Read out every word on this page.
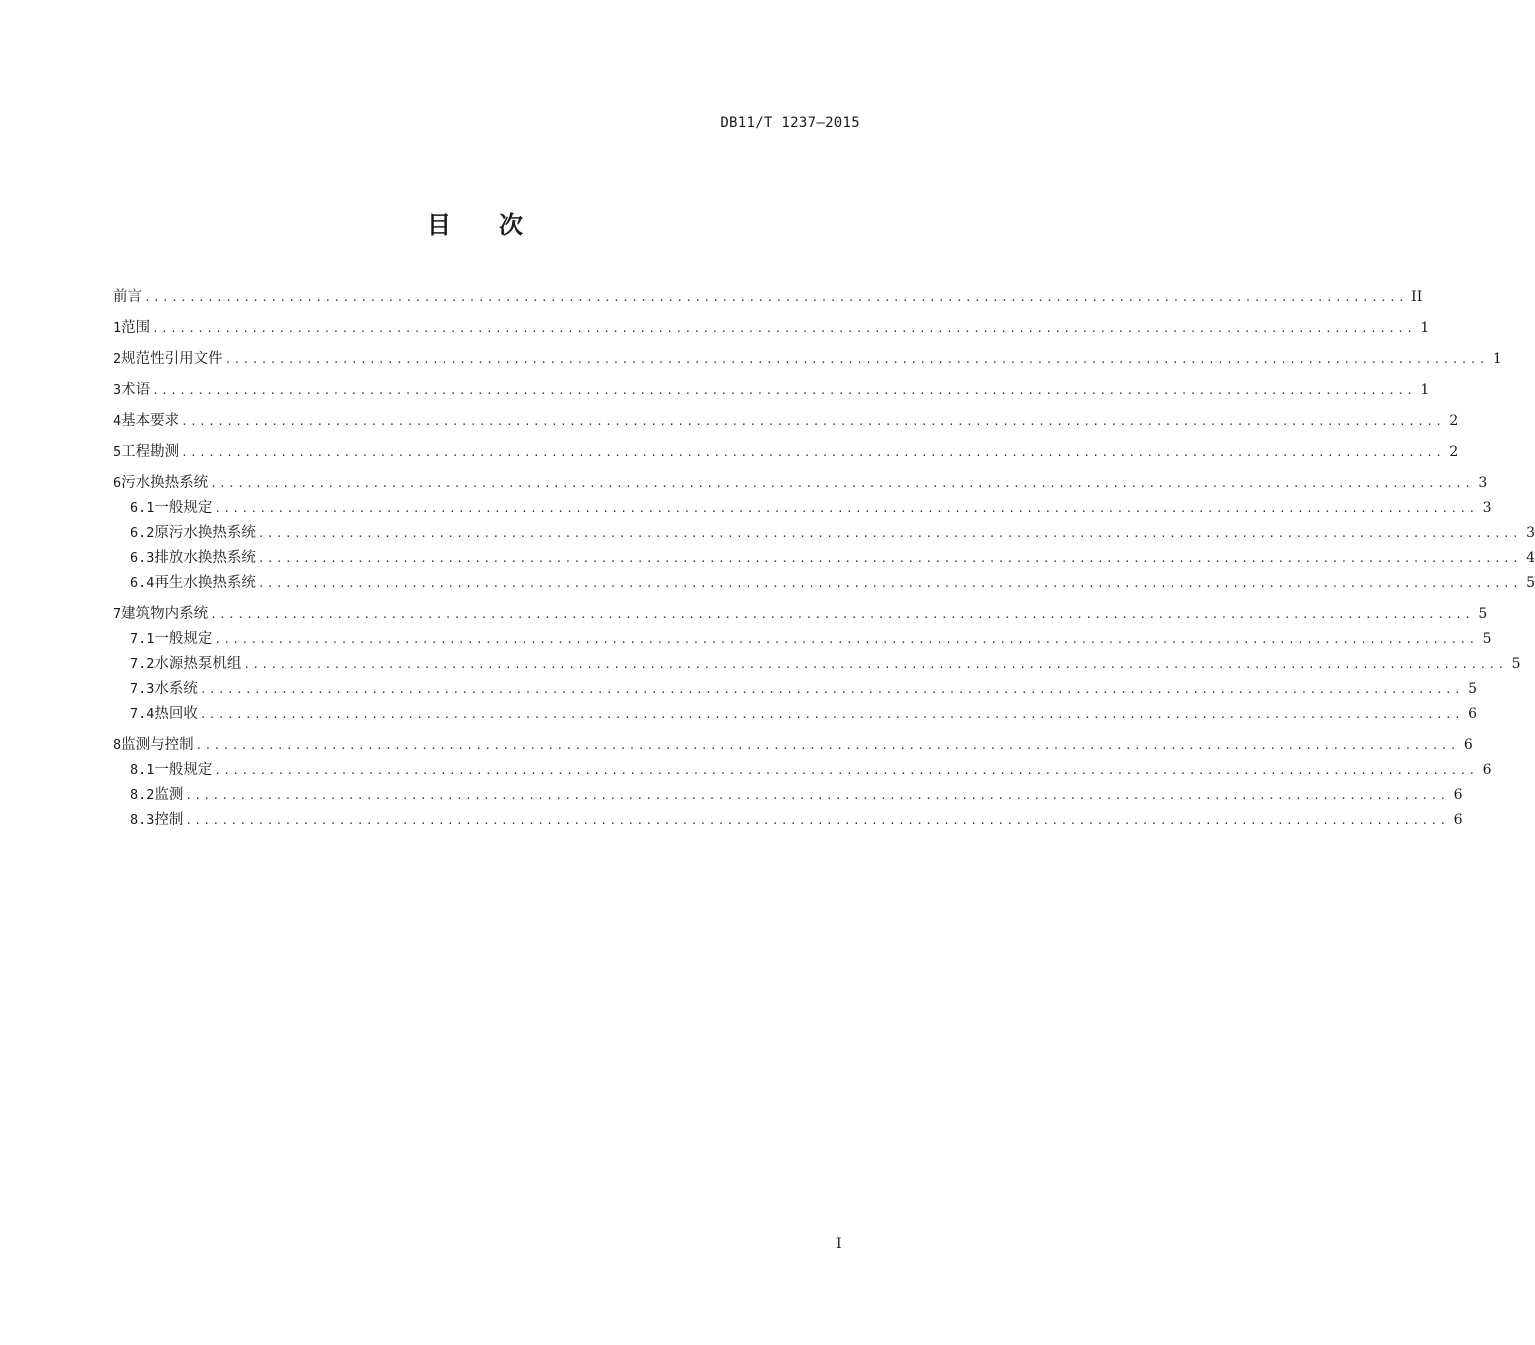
DB11/T 1237—2015
目 次
前言 ............................................................................................................................................ II
1 范围 ............................................................................................................................................ 1
2 规范性引用文件 ............................................................................................................................................ 1
3 术语 ............................................................................................................................................ 1
4 基本要求 ............................................................................................................................................ 2
5 工程勘测 ............................................................................................................................................ 2
6 污水换热系统 ............................................................................................................................................ 3
6.1 一般规定 ............................................................................................................................................ 3
6.2 原污水换热系统 ............................................................................................................................................ 3
6.3 排放水换热系统 ............................................................................................................................................ 4
6.4 再生水换热系统 ............................................................................................................................................ 5
7 建筑物内系统 ............................................................................................................................................ 5
7.1 一般规定 ............................................................................................................................................ 5
7.2 水源热泵机组 ............................................................................................................................................ 5
7.3 水系统 ............................................................................................................................................ 5
7.4 热回收 ............................................................................................................................................ 6
8 监测与控制 ............................................................................................................................................ 6
8.1 一般规定 ............................................................................................................................................ 6
8.2 监测 ............................................................................................................................................ 6
8.3 控制 ............................................................................................................................................ 6
I
